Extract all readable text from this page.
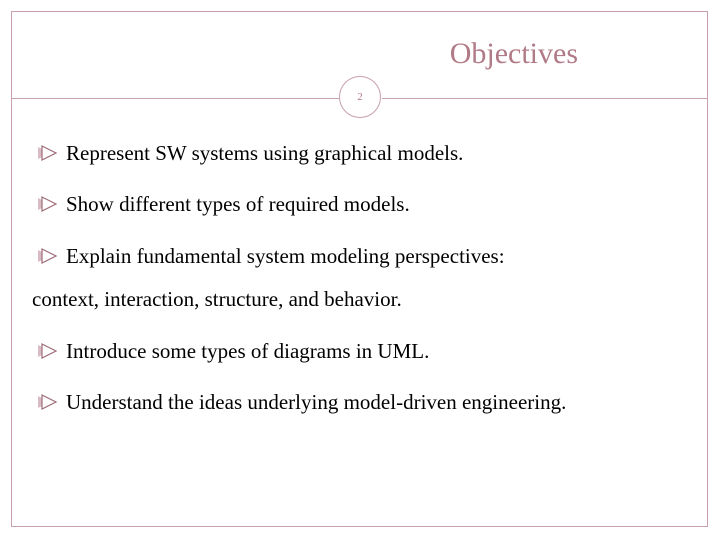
Objectives
2

Represent SW systems using graphical models.

Show different types of required models.

Explain fundamental system modeling perspectives:

context, interaction, structure, and behavior.

Introduce some types of diagrams in UML.

Understand the ideas underlying model-driven engineering.
